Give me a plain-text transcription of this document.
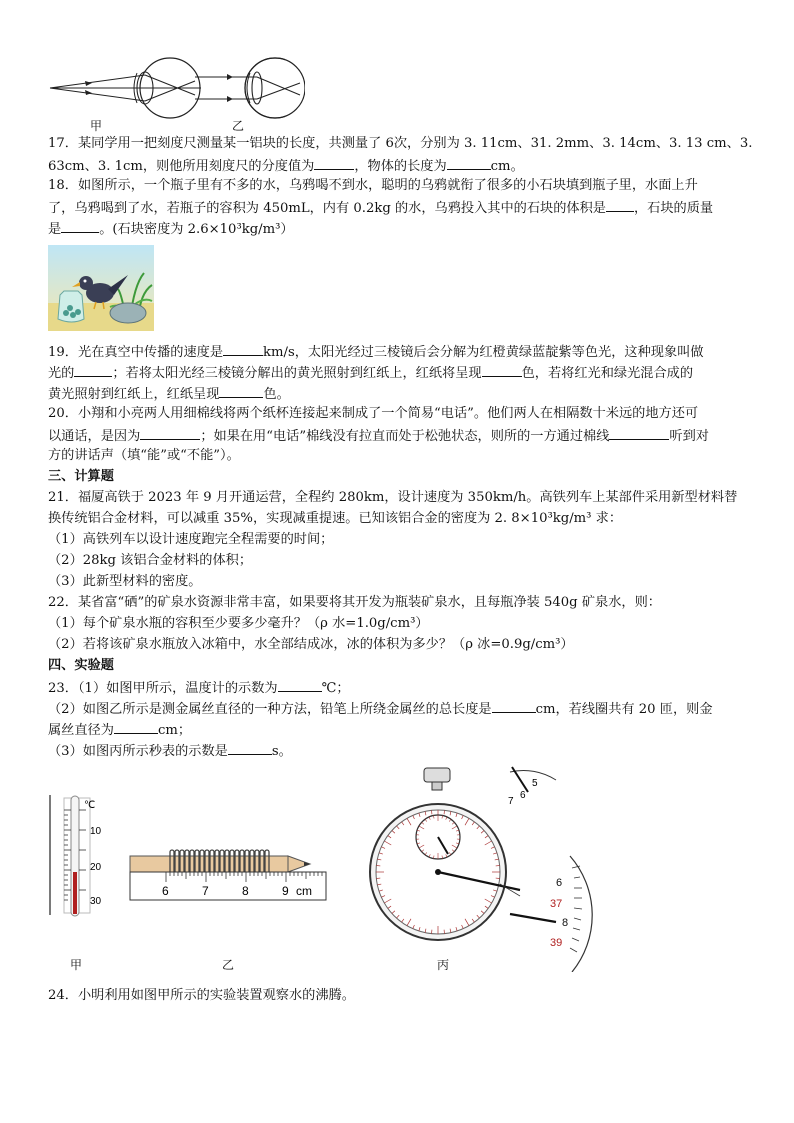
甲	乙
17．某同学用一把刻度尺测量某一铝块的长度，共测量了 6次，分别为 3. 11cm、31. 2mm、3. 14cm、3. 13 cm、3.
63cm、3. 1cm，则他所用刻度尺的分度值为	，物体的长度为	cm。
18．如图所示，一个瓶子里有不多的水，乌鸦喝不到水，聪明的乌鸦就衔了很多的小石块填到瓶子里，水面上升
了，乌鸦喝到了水，若瓶子的容积为 450mL，内有 0.2kg 的水，乌鸦投入其中的石块的体积是 ，石块的质量
是	。(石块密度为 2.6×10³kg/m³）
19．光在真空中传播的速度是	km/s，太阳光经过三棱镜后会分解为红橙黄绿蓝靛紫等色光，这种现象叫做
光的	；若将太阳光经三棱镜分解出的黄光照射到红纸上，红纸将呈现	色，若将红光和绿光混合成的
黄光照射到红纸上，红纸呈现	色。
20．小翔和小亮两人用细棉线将两个纸杯连接起来制成了一个简易“电话”。他们两人在相隔数十米远的地方还可
以通话，是因为	；如果在用“电话”棉线没有拉直而处于松弛状态，则所的一方通过棉线	听到对
方的讲话声（填“能”或“不能”）。
三、计算题
21．福厦高铁于 2023 年 9 月开通运营，全程约 280km，设计速度为 350km/h。高铁列车上某部件采用新型材料替
换传统铝合金材料，可以减重 35%，实现减重提速。已知该铝合金的密度为 2. 8×10³kg/m³ 求：
（1）高铁列车以设计速度跑完全程需要的时间；
（2）28kg 该铝合金材料的体积；
（3）此新型材料的密度。
22．某省富“硒”的矿泉水资源非常丰富，如果要将其开发为瓶装矿泉水，且每瓶净装 540g 矿泉水，则：
（1）每个矿泉水瓶的容积至少要多少毫升？（ρ 水=1.0g/cm³）
（2）若将该矿泉水瓶放入冰箱中，水全部结成冰，冰的体积为多少？（ρ 冰=0.9g/cm³）
四、实验题
23．（1）如图甲所示，温度计的示数为	℃；
（2）如图乙所示是测金属丝直径的一种方法，铅笔上所绕金属丝的总长度是	cm，若线圈共有 20 匝，则金
属丝直径为	cm；
（3）如图丙所示秒表的示数是	s。
℃
10
20
30
6	7	8	9 cm
5
6
7
6
37
8
39
甲	乙	丙
24．小明利用如图甲所示的实验装置观察水的沸腾。
